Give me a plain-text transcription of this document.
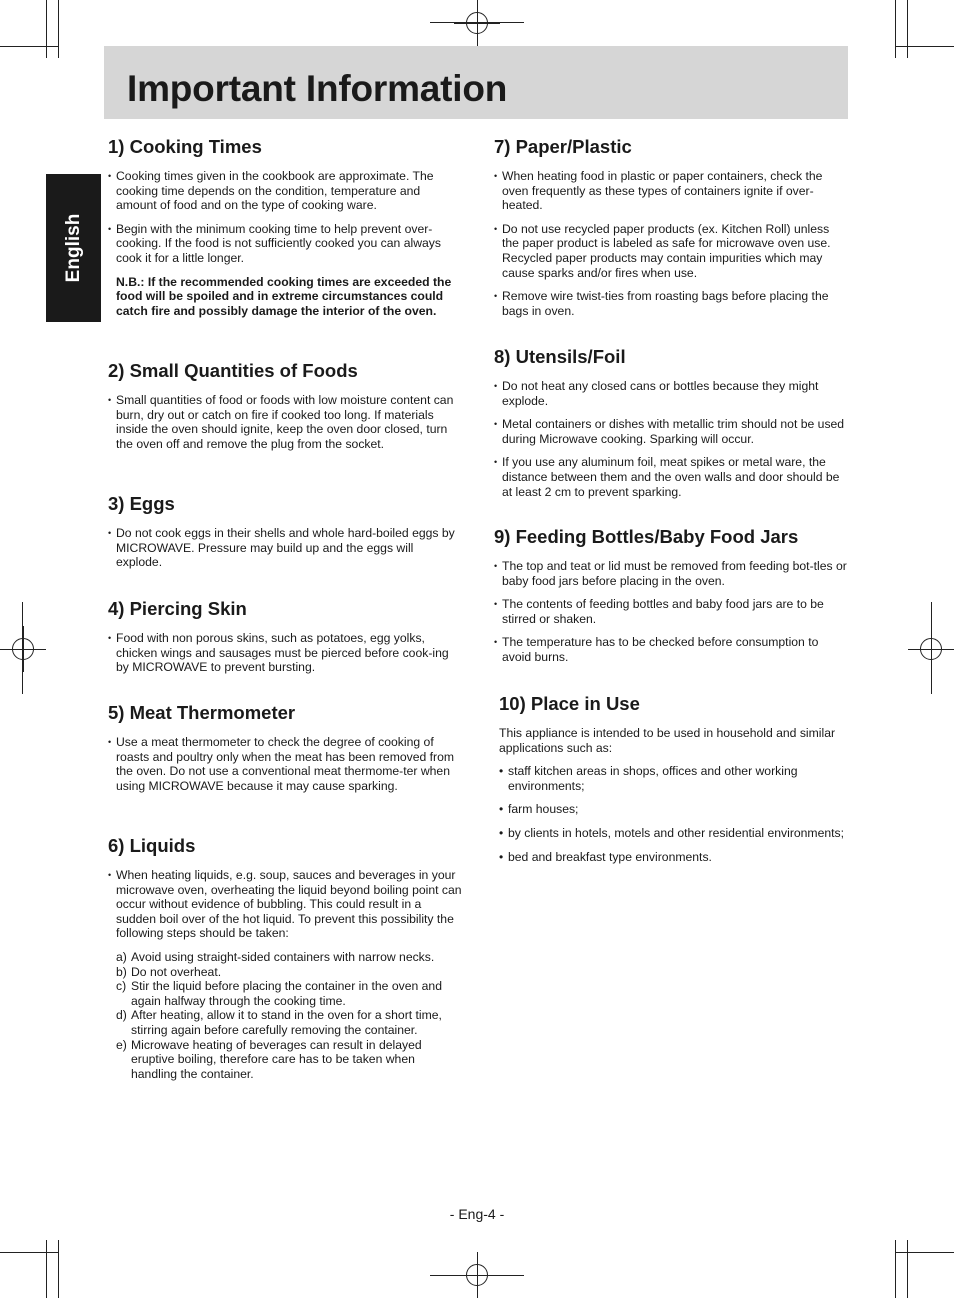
Important Information
English
1) Cooking Times

• Cooking times given in the cookbook are approximate. The cooking time depends on the condition, temperature and amount of food and on the type of cooking ware.

• Begin with the minimum cooking time to help prevent over-cooking. If the food is not sufficiently cooked you can always cook it for a little longer.

N.B.: If the recommended cooking times are exceeded the food will be spoiled and in extreme circumstances could catch fire and possibly damage the interior of the oven.

2) Small Quantities of Foods

• Small quantities of food or foods with low moisture content can burn, dry out or catch on fire if cooked too long. If materials inside the oven should ignite, keep the oven door closed, turn the oven off and remove the plug from the socket.

3) Eggs

• Do not cook eggs in their shells and whole hard-boiled eggs by MICROWAVE. Pressure may build up and the eggs will explode.

4) Piercing Skin

• Food with non porous skins, such as potatoes, egg yolks, chicken wings and sausages must be pierced before cook-ing by MICROWAVE to prevent bursting.

5) Meat Thermometer

• Use a meat thermometer to check the degree of cooking of roasts and poultry only when the meat has been removed from the oven. Do not use a conventional meat thermome-ter when using MICROWAVE because it may cause sparking.

6) Liquids

• When heating liquids, e.g. soup, sauces and beverages in your microwave oven, overheating the liquid beyond boiling point can occur without evidence of bubbling. This could result in a sudden boil over of the hot liquid. To prevent this possibility the following steps should be taken:

a) Avoid using straight-sided containers with narrow necks.
b) Do not overheat.
c) Stir the liquid before placing the container in the oven and again halfway through the cooking time.
d) After heating, allow it to stand in the oven for a short time, stirring again before carefully removing the container.
e) Microwave heating of beverages can result in delayed eruptive boiling, therefore care has to be taken when handling the container.
7) Paper/Plastic

• When heating food in plastic or paper containers, check the oven frequently as these types of containers ignite if over-heated.

• Do not use recycled paper products (ex. Kitchen Roll) unless the paper product is labeled as safe for microwave oven use. Recycled paper products may contain impurities which may cause sparks and/or fires when use.

• Remove wire twist-ties from roasting bags before placing the bags in oven.

8) Utensils/Foil

• Do not heat any closed cans or bottles because they might explode.

• Metal containers or dishes with metallic trim should not be used during Microwave cooking. Sparking will occur.

• If you use any aluminum foil, meat spikes or metal ware, the distance between them and the oven walls and door should be at least 2 cm to prevent sparking.

9) Feeding Bottles/Baby Food Jars

• The top and teat or lid must be removed from feeding bot-tles or baby food jars before placing in the oven.

• The contents of feeding bottles and baby food jars are to be stirred or shaken.

• The temperature has to be checked before consumption to avoid burns.

10) Place in Use

This appliance is intended to be used in household and similar applications such as:

• staff kitchen areas in shops, offices and other working environments;

• farm houses;

• by clients in hotels, motels and other residential environments;

• bed and breakfast type environments.

- Eng-4 -
